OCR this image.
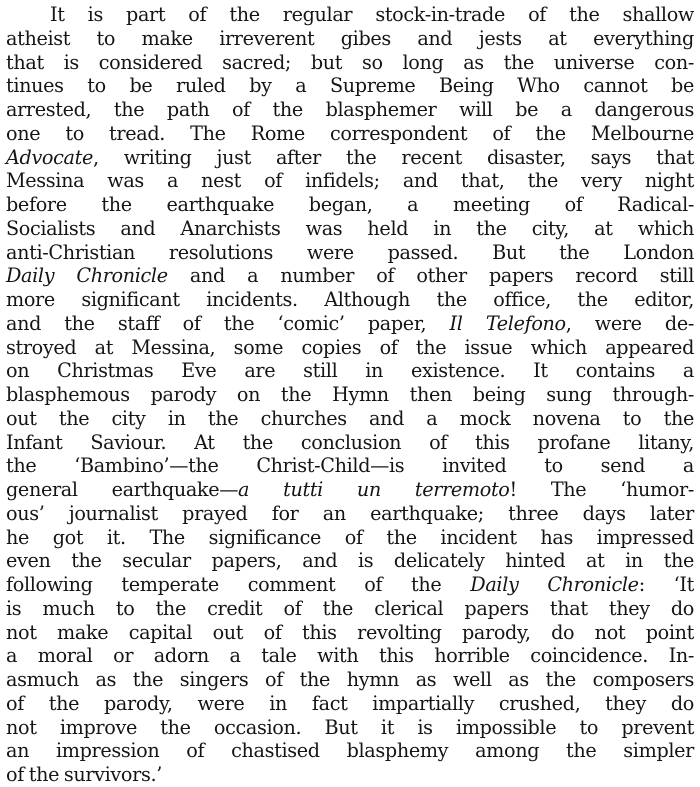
It is part of the regular stock-in-trade of the shallow
atheist to make irreverent gibes and jests at everything
that is considered sacred; but so long as the universe con-
tinues to be ruled by a Supreme Being Who cannot be
arrested, the path of the blasphemer will be a dangerous
one to tread. The Rome correspondent of the Melbourne
Advocate, writing just after the recent disaster, says that
Messina was a nest of infidels; and that, the very night
before the earthquake began, a meeting of Radical-
Socialists and Anarchists was held in the city, at which
anti-Christian resolutions were passed. But the London
Daily Chronicle and a number of other papers record still
more significant incidents. Although the office, the editor,
and the staff of the ‘comic’ paper, Il Telefono, were de-
stroyed at Messina, some copies of the issue which appeared
on Christmas Eve are still in existence. It contains a
blasphemous parody on the Hymn then being sung through-
out the city in the churches and a mock novena to the
Infant Saviour. At the conclusion of this profane litany,
the ‘Bambino’—the Christ-Child—is invited to send a
general earthquake—a tutti un terremoto! The ‘humor-
ous’ journalist prayed for an earthquake; three days later
he got it. The significance of the incident has impressed
even the secular papers, and is delicately hinted at in the
following temperate comment of the Daily Chronicle: ‘It
is much to the credit of the clerical papers that they do
not make capital out of this revolting parody, do not point
a moral or adorn a tale with this horrible coincidence. In-
asmuch as the singers of the hymn as well as the composers
of the parody, were in fact impartially crushed, they do
not improve the occasion. But it is impossible to prevent
an impression of chastised blasphemy among the simpler
of the survivors.’
